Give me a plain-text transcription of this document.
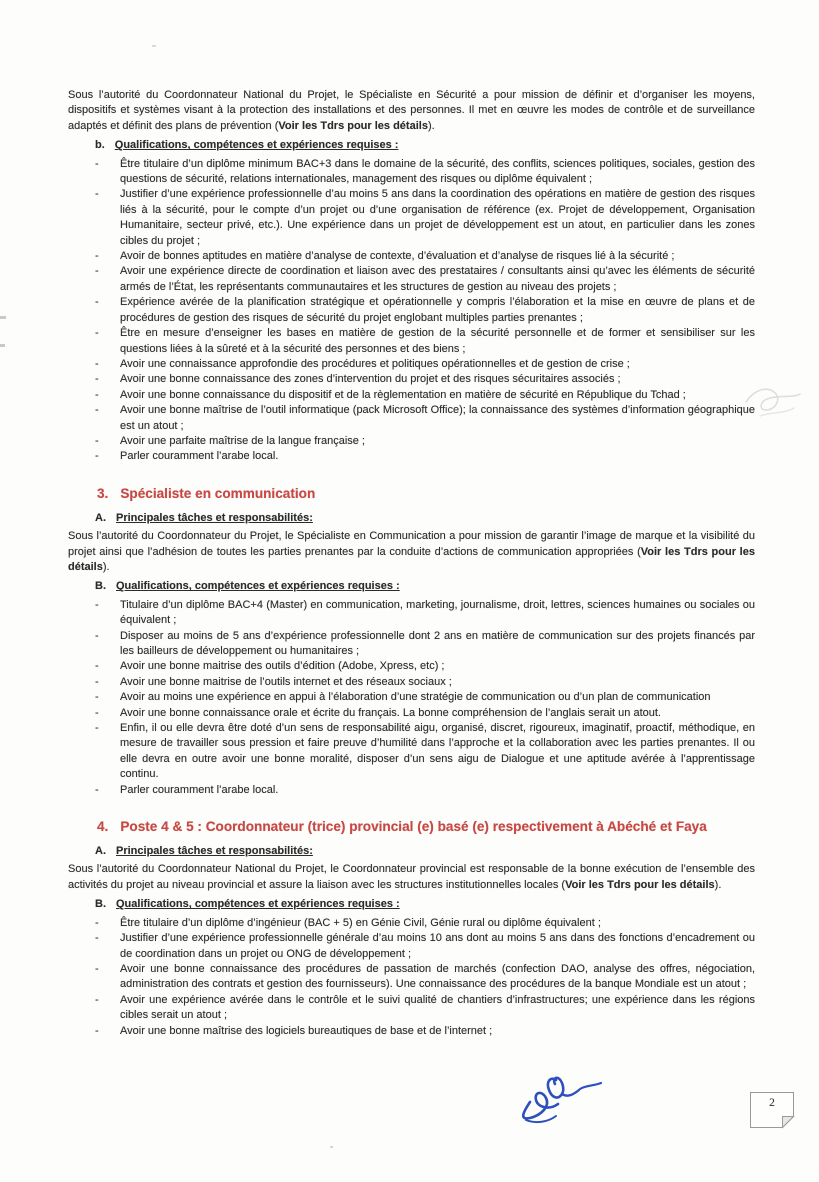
Sous l’autorité du Coordonnateur National du Projet, le Spécialiste en Sécurité a pour mission de définir et d’organiser les moyens, dispositifs et systèmes visant à la protection des installations et des personnes. Il met en œuvre les modes de contrôle et de surveillance adaptés et définit des plans de prévention (Voir les Tdrs pour les détails).

b. Qualifications, compétences et expériences requises :
-	Être titulaire d’un diplôme minimum BAC+3 dans le domaine de la sécurité, des conflits, sciences politiques, sociales, gestion des questions de sécurité, relations internationales, management des risques ou diplôme équivalent ;
-	Justifier d’une expérience professionnelle d’au moins 5 ans dans la coordination des opérations en matière de gestion des risques liés à la sécurité, pour le compte d’un projet ou d’une organisation de référence (ex. Projet de développement, Organisation Humanitaire, secteur privé, etc.). Une expérience dans un projet de développement est un atout, en particulier dans les zones cibles du projet ;
-	Avoir de bonnes aptitudes en matière d’analyse de contexte, d’évaluation et d’analyse de risques lié à la sécurité ;
-	Avoir une expérience directe de coordination et liaison avec des prestataires / consultants ainsi qu’avec les éléments de sécurité armés de l’État, les représentants communautaires et les structures de gestion au niveau des projets ;
-	Expérience avérée de la planification stratégique et opérationnelle y compris l’élaboration et la mise en œuvre de plans et de procédures de gestion des risques de sécurité du projet englobant multiples parties prenantes ;
-	Être en mesure d’enseigner les bases en matière de gestion de la sécurité personnelle et de former et sensibiliser sur les questions liées à la sûreté et à la sécurité des personnes et des biens ;
-	Avoir une connaissance approfondie des procédures et politiques opérationnelles et de gestion de crise ;
-	Avoir une bonne connaissance des zones d’intervention du projet et des risques sécuritaires associés ;
-	Avoir une bonne connaissance du dispositif et de la règlementation en matière de sécurité en République du Tchad ;
-	Avoir une bonne maîtrise de l’outil informatique (pack Microsoft Office); la connaissance des systèmes d’information géographique est un atout ;
-	Avoir une parfaite maîtrise de la langue française ;
-	Parler couramment l’arabe local.
3. Spécialiste en communication
A. Principales tâches et responsabilités:

Sous l’autorité du Coordonnateur du Projet, le Spécialiste en Communication a pour mission de garantir l’image de marque et la visibilité du projet ainsi que l’adhésion de toutes les parties prenantes par la conduite d’actions de communication appropriées (Voir les Tdrs pour les détails).

B. Qualifications, compétences et expériences requises :
-	Titulaire d’un diplôme BAC+4 (Master) en communication, marketing, journalisme, droit, lettres, sciences humaines ou sociales ou équivalent ;
-	Disposer au moins de 5 ans d’expérience professionnelle dont 2 ans en matière de communication sur des projets financés par les bailleurs de développement ou humanitaires ;
-	Avoir une bonne maitrise des outils d’édition (Adobe, Xpress, etc) ;
-	Avoir une bonne maitrise de l’outils internet et des réseaux sociaux ;
-	Avoir au moins une expérience en appui à l’élaboration d’une stratégie de communication ou d’un plan de communication
-	Avoir une bonne connaissance orale et écrite du français. La bonne compréhension de l’anglais serait un atout.
-	Enfin, il ou elle devra être doté d’un sens de responsabilité aigu, organisé, discret, rigoureux, imaginatif, proactif, méthodique, en mesure de travailler sous pression et faire preuve d’humilité dans l’approche et la collaboration avec les parties prenantes. Il ou elle devra en outre avoir une bonne moralité, disposer d’un sens aigu de Dialogue et une aptitude avérée à l’apprentissage continu.
-	Parler couramment l’arabe local.
4. Poste 4 & 5 : Coordonnateur (trice) provincial (e) basé (e) respectivement à Abéché et Faya
A. Principales tâches et responsabilités:

Sous l’autorité du Coordonnateur National du Projet, le Coordonnateur provincial est responsable de la bonne exécution de l’ensemble des activités du projet au niveau provincial et assure la liaison avec les structures institutionnelles locales (Voir les Tdrs pour les détails).

B. Qualifications, compétences et expériences requises :
-	Être titulaire d’un diplôme d’ingénieur (BAC + 5) en Génie Civil, Génie rural ou diplôme équivalent ;
-	Justifier d’une expérience professionnelle générale d’au moins 10 ans dont au moins 5 ans dans des fonctions d’encadrement ou de coordination dans un projet ou ONG de développement ;
-	Avoir une bonne connaissance des procédures de passation de marchés (confection DAO, analyse des offres, négociation, administration des contrats et gestion des fournisseurs). Une connaissance des procédures de la banque Mondiale est un atout ;
-	Avoir une expérience avérée dans le contrôle et le suivi qualité de chantiers d’infrastructures; une expérience dans les régions cibles serait un atout ;
-	Avoir une bonne maîtrise des logiciels bureautiques de base et de l’internet ;
2
